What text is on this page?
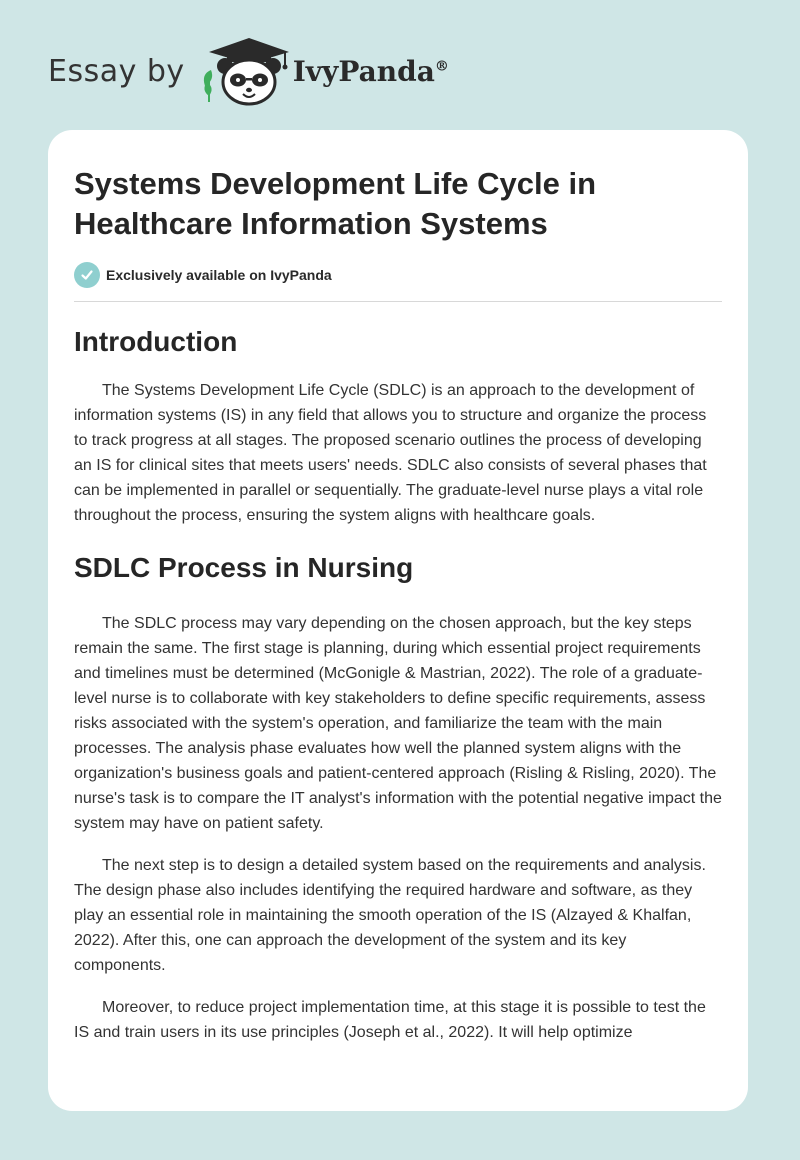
Essay by	IvyPanda®
Systems Development Life Cycle in Healthcare Information Systems
Exclusively available on IvyPanda
Introduction

The Systems Development Life Cycle (SDLC) is an approach to the development of information systems (IS) in any field that allows you to structure and organize the process to track progress at all stages. The proposed scenario outlines the process of developing an IS for clinical sites that meets users' needs. SDLC also consists of several phases that can be implemented in parallel or sequentially. The graduate-level nurse plays a vital role throughout the process, ensuring the system aligns with healthcare goals.

SDLC Process in Nursing

The SDLC process may vary depending on the chosen approach, but the key steps remain the same. The first stage is planning, during which essential project requirements and timelines must be determined (McGonigle & Mastrian, 2022). The role of a graduate-level nurse is to collaborate with key stakeholders to define specific requirements, assess risks associated with the system's operation, and familiarize the team with the main processes. The analysis phase evaluates how well the planned system aligns with the organization's business goals and patient-centered approach (Risling & Risling, 2020). The nurse's task is to compare the IT analyst's information with the potential negative impact the system may have on patient safety.

The next step is to design a detailed system based on the requirements and analysis. The design phase also includes identifying the required hardware and software, as they play an essential role in maintaining the smooth operation of the IS (Alzayed & Khalfan, 2022). After this, one can approach the development of the system and its key components.

Moreover, to reduce project implementation time, at this stage it is possible to test the IS and train users in its use principles (Joseph et al., 2022). It will help optimize
